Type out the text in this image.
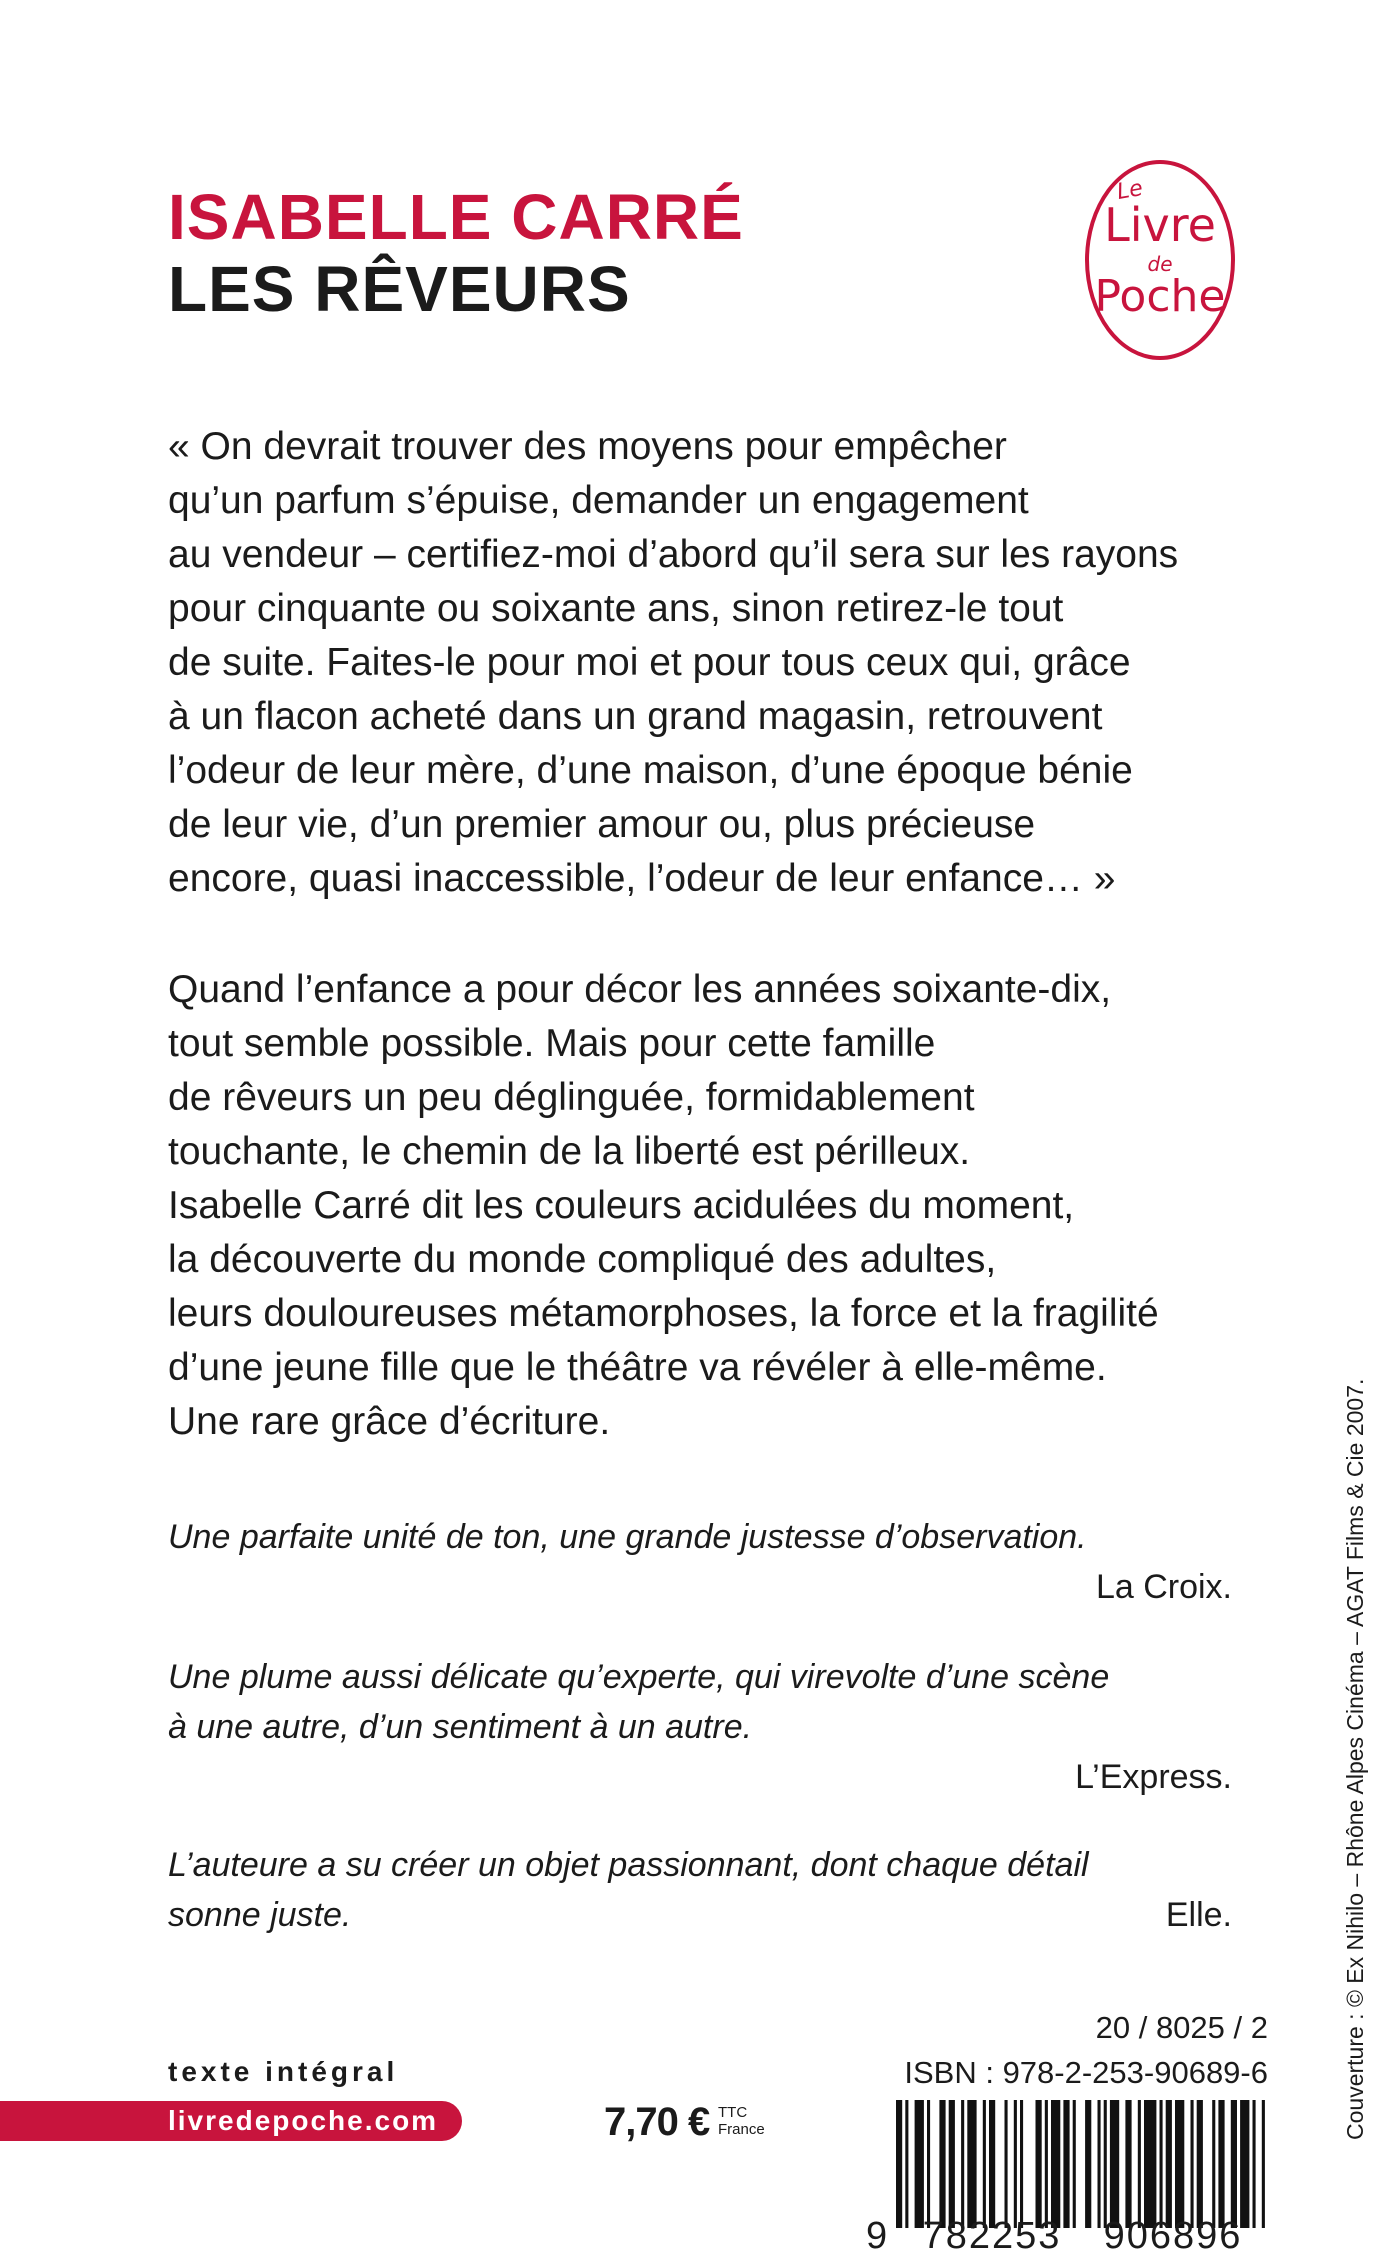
ISABELLE CARRÉ
LES RÊVEURS
Le
Livre
de
Poche
« On devrait trouver des moyens pour empêcher
qu’un parfum s’épuise, demander un engagement
au vendeur – certifiez-moi d’abord qu’il sera sur les rayons
pour cinquante ou soixante ans, sinon retirez-le tout
de suite. Faites-le pour moi et pour tous ceux qui, grâce
à un flacon acheté dans un grand magasin, retrouvent
l’odeur de leur mère, d’une maison, d’une époque bénie
de leur vie, d’un premier amour ou, plus précieuse
encore, quasi inaccessible, l’odeur de leur enfance… »
Quand l’enfance a pour décor les années soixante-dix,
tout semble possible. Mais pour cette famille
de rêveurs un peu déglinguée, formidablement
touchante, le chemin de la liberté est périlleux.
Isabelle Carré dit les couleurs acidulées du moment,
la découverte du monde compliqué des adultes,
leurs douloureuses métamorphoses, la force et la fragilité
d’une jeune fille que le théâtre va révéler à elle-même.
Une rare grâce d’écriture.
Une parfaite unité de ton, une grande justesse d’observation.
La Croix.
Une plume aussi délicate qu’experte, qui virevolte d’une scène
à une autre, d’un sentiment à un autre.
L’Express.
L’auteure a su créer un objet passionnant, dont chaque détail
sonne juste.	Elle.	Couverture : © Ex Nihilo – Rhône Alpes Cinéma – AGAT Films & Cie 2007.
20 / 8025 / 2
ISBN : 978-2-253-90689-6
texte intégral
livredepoche.com	7,70 € TTC
France
9 782253	906896
